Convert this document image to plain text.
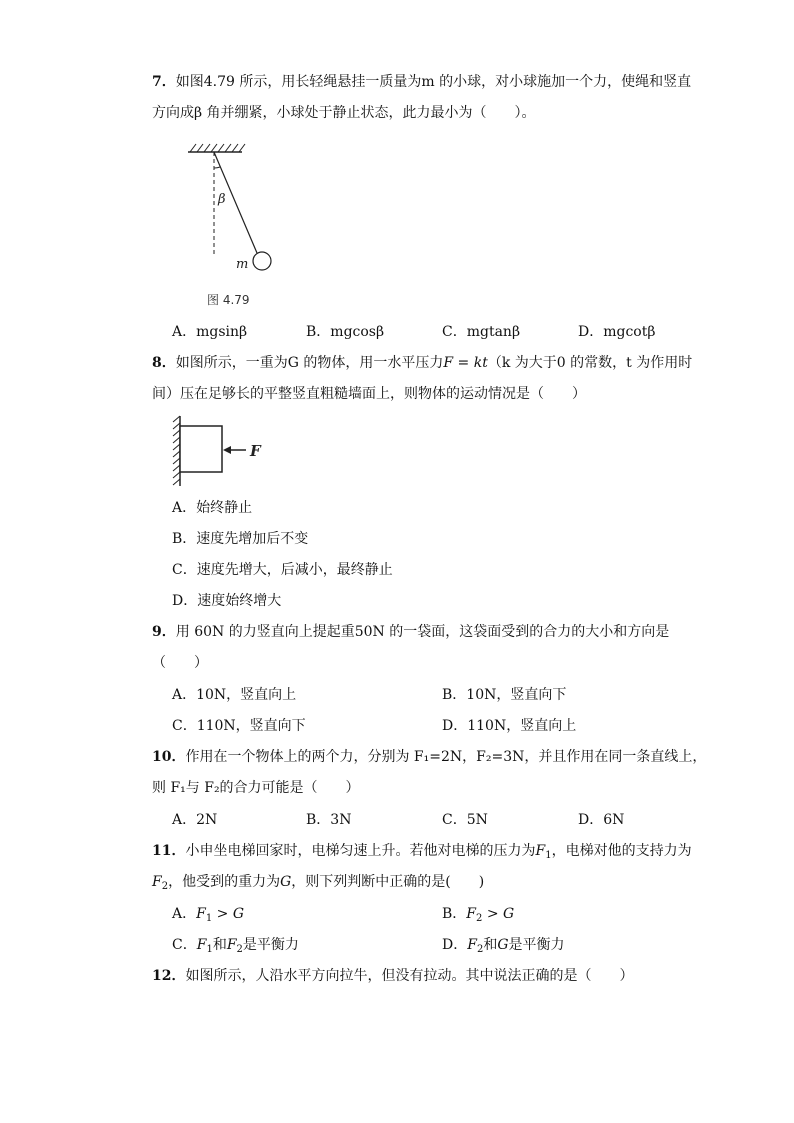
7．如图4.79 所示，用长轻绳悬挂一质量为m 的小球，对小球施加一个力，使绳和竖直
方向成β 角并绷紧，小球处于静止状态，此力最小为（　　）。
β
m
图 4.79
A．mgsinβ	B．mgcosβ	C．mgtanβ	D．mgcotβ
8．如图所示，一重为G 的物体，用一水平压力F = kt（k 为大于0 的常数，t 为作用时
间）压在足够长的平整竖直粗糙墙面上，则物体的运动情况是（　　）
F
A．始终静止
B．速度先增加后不变
C．速度先增大，后减小，最终静止
D．速度始终增大
9．用 60N 的力竖直向上提起重50N 的一袋面，这袋面受到的合力的大小和方向是
（　　）
A．10N，竖直向上	B．10N，竖直向下
C．110N，竖直向下	D．110N，竖直向上
10．作用在一个物体上的两个力，分别为 F₁=2N，F₂=3N，并且作用在同一条直线上，
则 F₁与 F₂的合力可能是（　　）
A．2N	B．3N	C．5N	D．6N
11．小申坐电梯回家时，电梯匀速上升。若他对电梯的压力为$F_1$，电梯对他的支持力为
$F_2$，他受到的重力为G，则下列判断中正确的是(　　)
A．$F_1 > G$	B．$F_2 > G$
C．$F_1$和$F_2$是平衡力	D．$F_2$和G是平衡力
12．如图所示，人沿水平方向拉牛，但没有拉动。其中说法正确的是（　　）
